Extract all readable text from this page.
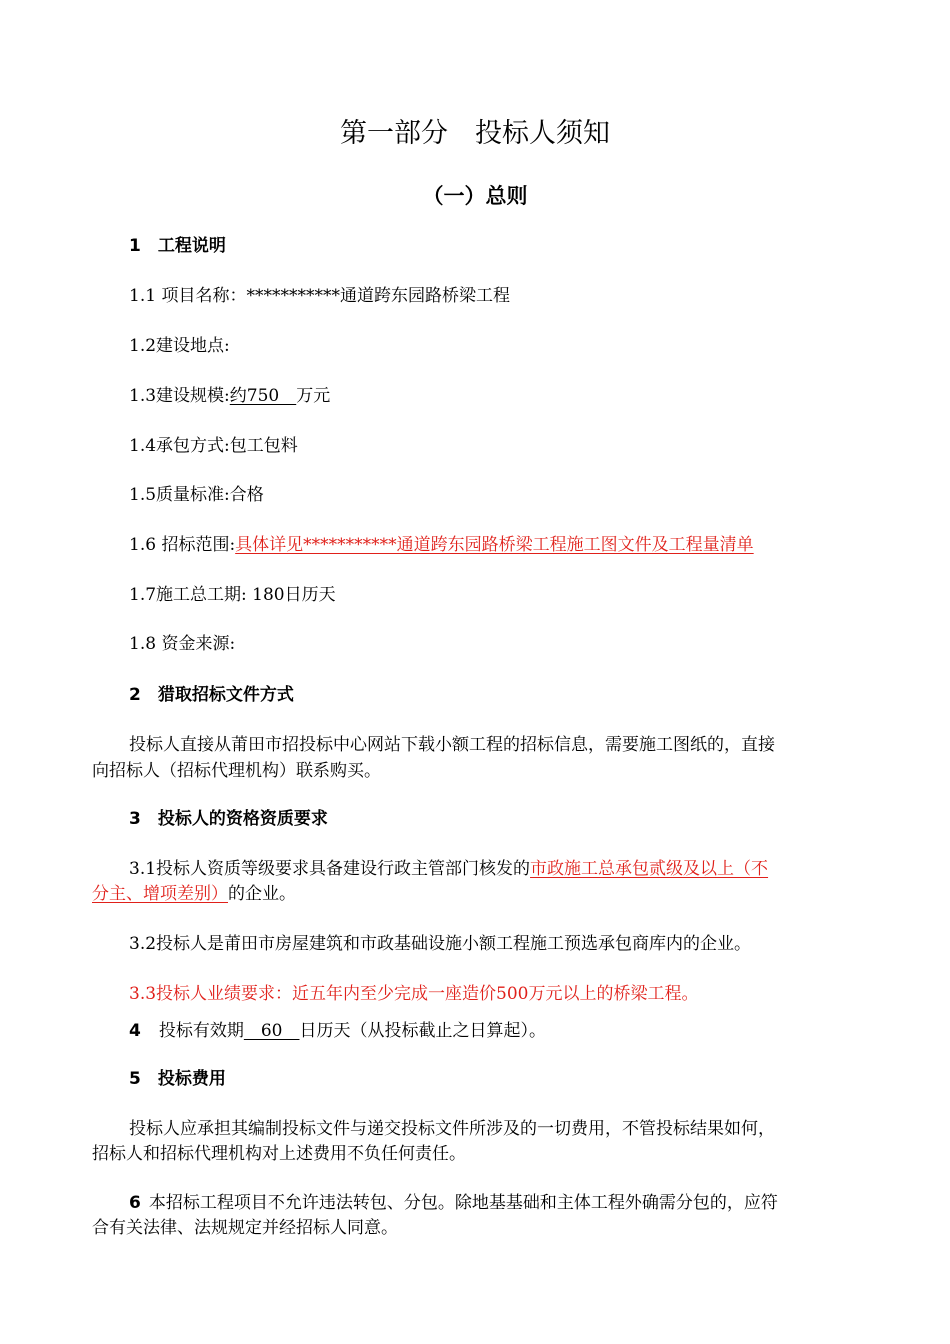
第一部分　投标人须知
（一）总则
1　工程说明
1.1 项目名称：***********通道跨东园路桥梁工程
1.2建设地点:
1.3建设规模:约750　万元
1.4承包方式:包工包料
1.5质量标准:合格
1.6 招标范围:具体详见***********通道跨东园路桥梁工程施工图文件及工程量清单
1.7施工总工期: 180日历天
1.8 资金来源:
2　猎取招标文件方式
投标人直接从莆田市招投标中心网站下载小额工程的招标信息，需要施工图纸的，直接
向招标人（招标代理机构）联系购买。
3　投标人的资格资质要求
3.1投标人资质等级要求具备建设行政主管部门核发的市政施工总承包贰级及以上（不
分主、增项差别）的企业。
3.2投标人是莆田市房屋建筑和市政基础设施小额工程施工预选承包商库内的企业。
3.3投标人业绩要求：近五年内至少完成一座造价500万元以上的桥梁工程。
4 投标有效期　60　日历天（从投标截止之日算起）。
5　投标费用
投标人应承担其编制投标文件与递交投标文件所涉及的一切费用，不管投标结果如何，
招标人和招标代理机构对上述费用不负任何责任。
6 本招标工程项目不允许违法转包、分包。除地基基础和主体工程外确需分包的，应符
合有关法律、法规规定并经招标人同意。
